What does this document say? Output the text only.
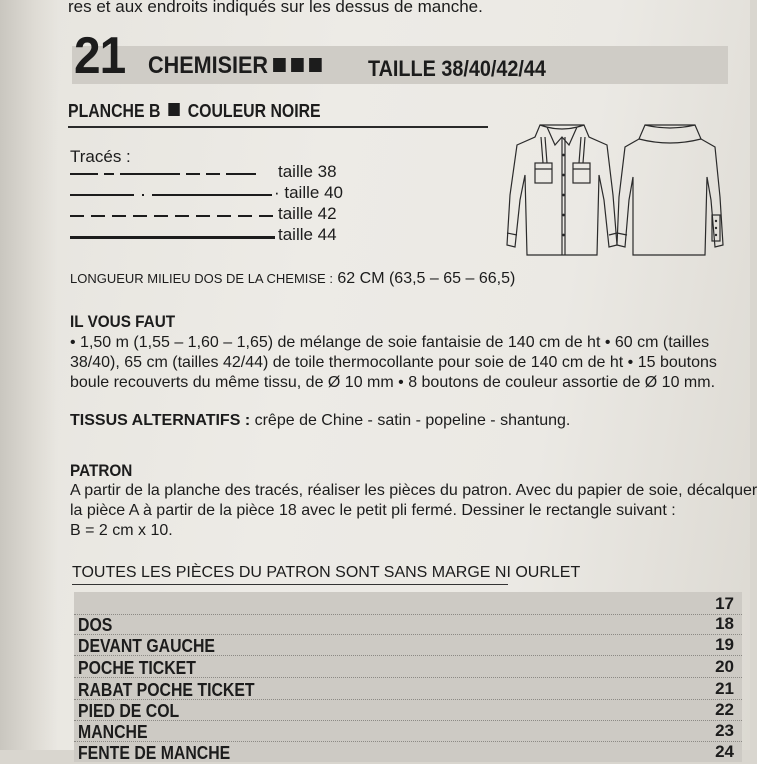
res et aux endroits indiqués sur les dessus de manche.
21 CHEMISIER	TAILLE 38/40/42/44
PLANCHE B COULEUR NOIRE
Tracés :
taille 38
· taille 40
taille 42
taille 44
LONGUEUR MILIEU DOS DE LA CHEMISE : 62 CM (63,5 – 65 – 66,5)
IL VOUS FAUT
• 1,50 m (1,55 – 1,60 – 1,65) de mélange de soie fantaisie de 140 cm de ht • 60 cm (tailles
38/40), 65 cm (tailles 42/44) de toile thermocollante pour soie de 140 cm de ht • 15 boutons
boule recouverts du même tissu, de Ø 10 mm • 8 boutons de couleur assortie de Ø 10 mm.
TISSUS ALTERNATIFS : crêpe de Chine - satin - popeline - shantung.
PATRON
A partir de la planche des tracés, réaliser les pièces du patron. Avec du papier de soie, décalquer
la pièce A à partir de la pièce 18 avec le petit pli fermé. Dessiner le rectangle suivant :
B = 2 cm x 10.
TOUTES LES PIÈCES DU PATRON SONT SANS MARGE NI OURLET
17
DOS	18
DEVANT GAUCHE	19
POCHE TICKET	20
RABAT POCHE TICKET	21
PIED DE COL	22
MANCHE	23
FENTE DE MANCHE	24
